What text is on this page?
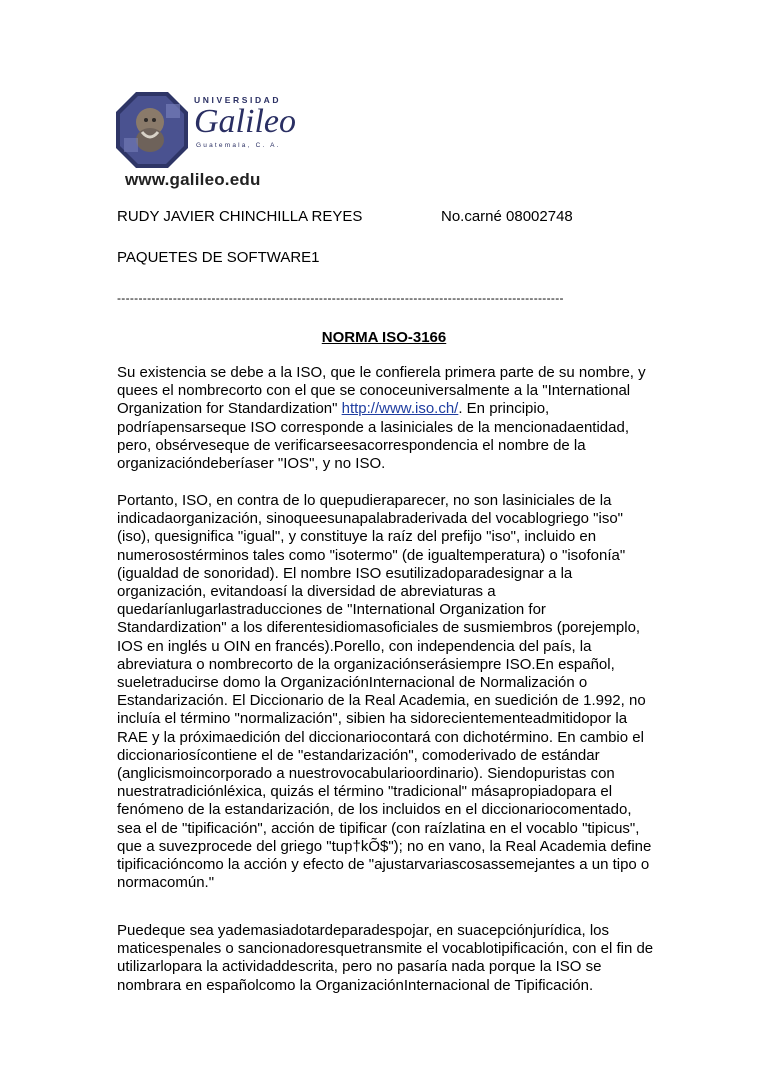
UNIVERSIDAD
Galileo
Guatemala, C. A.
www.galileo.edu
RUDY JAVIER CHINCHILLA REYES	No.carné 08002748
PAQUETES DE SOFTWARE1
--------------------------------------------------------------------------------------------------------
NORMA ISO-3166
Su existencia se debe a la ISO, que le confierela primera parte de su nombre, y quees el nombrecorto con el que se conoceuniversalmente a la "International Organization for Standardization" http://www.iso.ch/. En principio, podríapensarseque ISO corresponde a lasiniciales de la mencionadaentidad, pero, obsérveseque de verificarseesacorrespondencia el nombre de la organizacióndeberíaser "IOS", y no ISO.
Portanto, ISO, en contra de lo quepudieraparecer, no son lasiniciales de la indicadaorganización, sinoqueesunapalabraderivada del vocablogriego "iso" (iso), quesignifica "igual", y constituye la raíz del prefijo "iso", incluido en numerosostérminos tales como "isotermo" (de igualtemperatura) o "isofonía" (igualdad de sonoridad). El nombre ISO esutilizadoparadesignar a la organización, evitandoasí la diversidad de abreviaturas a quedaríanlugarlastraducciones de "International Organization for Standardization" a los diferentesidiomasoficiales de susmiembros (porejemplo, IOS en inglés u OIN en francés).Porello, con independencia del país, la abreviatura o nombrecorto de la organizaciónserásiempre ISO.En español, sueletraducirse domo la OrganizaciónInternacional de Normalización o Estandarización. El Diccionario de la Real Academia, en suedición de 1.992, no incluía el término "normalización", sibien ha sidorecientementeadmitidopor la RAE y la próximaedición del diccionariocontará con dichotérmino. En cambio el diccionariosícontiene el de "estandarización", comoderivado de estándar (anglicismoincorporado a nuestrovocabularioordinario). Siendopuristas con nuestratradiciónléxica, quizás el término "tradicional" másapropiadopara el fenómeno de la estandarización, de los incluidos en el diccionariocomentado, sea el de "tipificación", acción de tipificar (con raízlatina en el vocablo "tipicus", que a suvezprocede del griego "tup†kÕ$"); no en vano, la Real Academia define tipificacióncomo la acción y efecto de "ajustarvariascosassemejantes a un tipo o normacomún."
Puedeque sea yademasiadotardeparadespojar, en suacepciónjurídica, los maticespenales o sancionadoresquetransmite el vocablotipificación, con el fin de utilizarlopara la actividaddescrita, pero no pasaría nada porque la ISO se nombrara en españolcomo la OrganizaciónInternacional de Tipificación.
